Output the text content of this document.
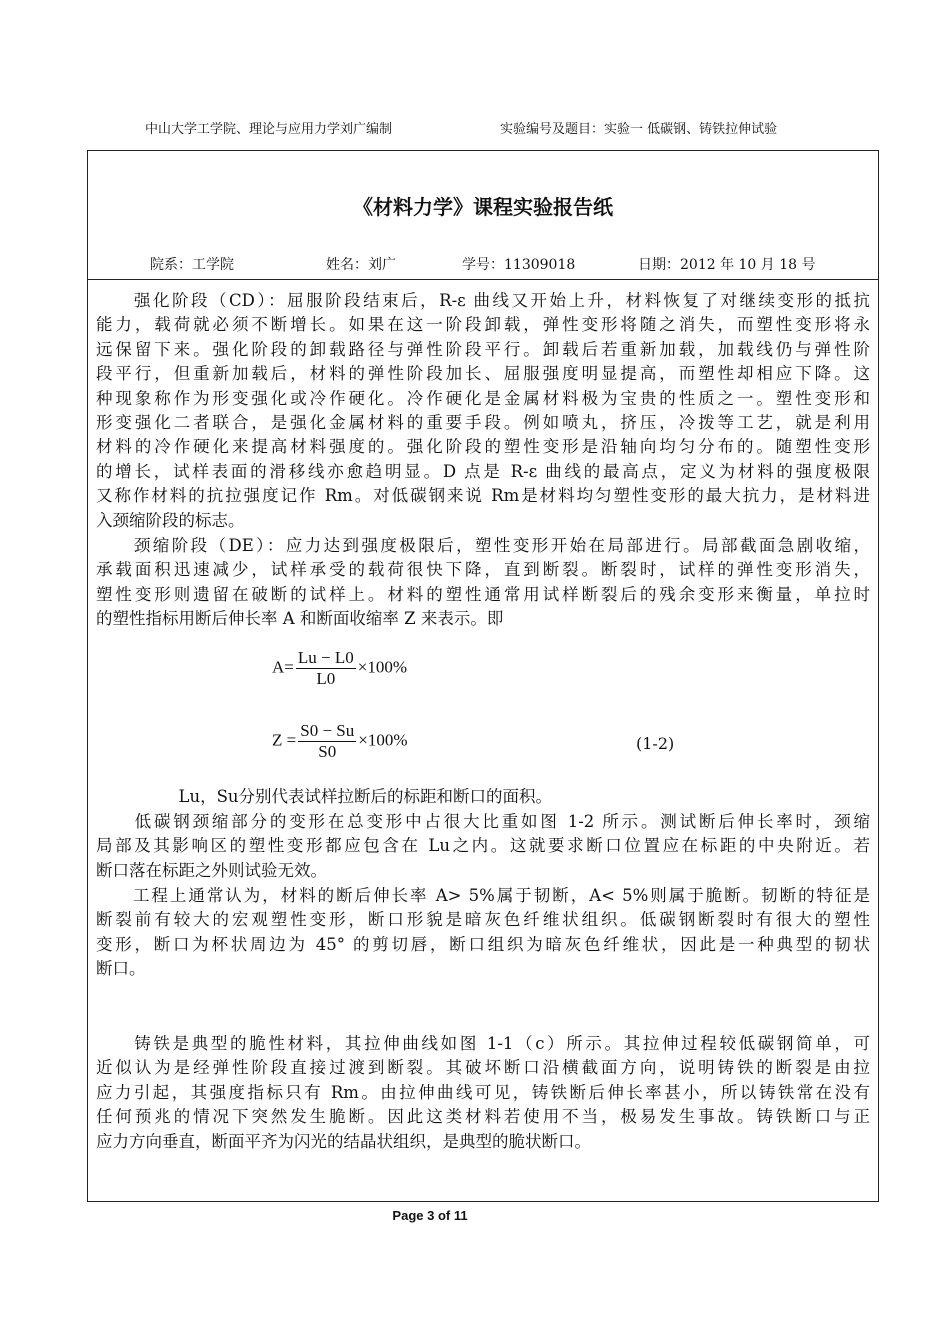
中山大学工学院、理论与应用力学刘广编制	实验编号及题目：实验一 低碳钢、铸铁拉伸试验
《材料力学》课程实验报告纸
院系：工学院	姓名：刘广	学号：11309018	日期：2012 年 10 月 18 号
　　强化阶段（CD）：屈服阶段结束后，R-ε 曲线又开始上升，材料恢复了对继续变形的抵抗
能力，载荷就必须不断增长。如果在这一阶段卸载，弹性变形将随之消失，而塑性变形将永
远保留下来。强化阶段的卸载路径与弹性阶段平行。卸载后若重新加载，加载线仍与弹性阶
段平行，但重新加载后，材料的弹性阶段加长、屈服强度明显提高，而塑性却相应下降。这
种现象称作为形变强化或冷作硬化。冷作硬化是金属材料极为宝贵的性质之一。塑性变形和
形变强化二者联合，是强化金属材料的重要手段。例如喷丸，挤压，冷拨等工艺，就是利用
材料的冷作硬化来提高材料强度的。强化阶段的塑性变形是沿轴向均匀分布的。随塑性变形
的增长，试样表面的滑移线亦愈趋明显。D 点是 R-ε 曲线的最高点，定义为材料的强度极限
又称作材料的抗拉强度记作 Rm。对低碳钢来说 Rm是材料均匀塑性变形的最大抗力，是材料进
入颈缩阶段的标志。
　　颈缩阶段（DE）：应力达到强度极限后，塑性变形开始在局部进行。局部截面急剧收缩，
承载面积迅速减少，试样承受的载荷很快下降，直到断裂。断裂时，试样的弹性变形消失，
塑性变形则遗留在破断的试样上。材料的塑性通常用试样断裂后的残余变形来衡量，单拉时
的塑性指标用断后伸长率 A 和断面收缩率 Z 来表示。即
$A= \frac{Lu - L0}{L0} \times 100\%$
$Z = \frac{S0 - Su}{S0} \times 100\%$	(1-2)
　　　　　Lu，Su分别代表试样拉断后的标距和断口的面积。
　　低碳钢颈缩部分的变形在总变形中占很大比重如图 1-2 所示。测试断后伸长率时，颈缩
局部及其影响区的塑性变形都应包含在 Lu之内。这就要求断口位置应在标距的中央附近。若
断口落在标距之外则试验无效。
　　工程上通常认为，材料的断后伸长率 A> 5%属于韧断，A< 5%则属于脆断。韧断的特征是
断裂前有较大的宏观塑性变形，断口形貌是暗灰色纤维状组织。低碳钢断裂时有很大的塑性
变形，断口为杯状周边为 45° 的剪切唇，断口组织为暗灰色纤维状，因此是一种典型的韧状
断口。
　　铸铁是典型的脆性材料，其拉伸曲线如图 1-1（c）所示。其拉伸过程较低碳钢简单，可
近似认为是经弹性阶段直接过渡到断裂。其破坏断口沿横截面方向，说明铸铁的断裂是由拉
应力引起，其强度指标只有 Rm。由拉伸曲线可见，铸铁断后伸长率甚小，所以铸铁常在没有
任何预兆的情况下突然发生脆断。因此这类材料若使用不当，极易发生事故。铸铁断口与正
应力方向垂直，断面平齐为闪光的结晶状组织，是典型的脆状断口。
Page 3 of 11
